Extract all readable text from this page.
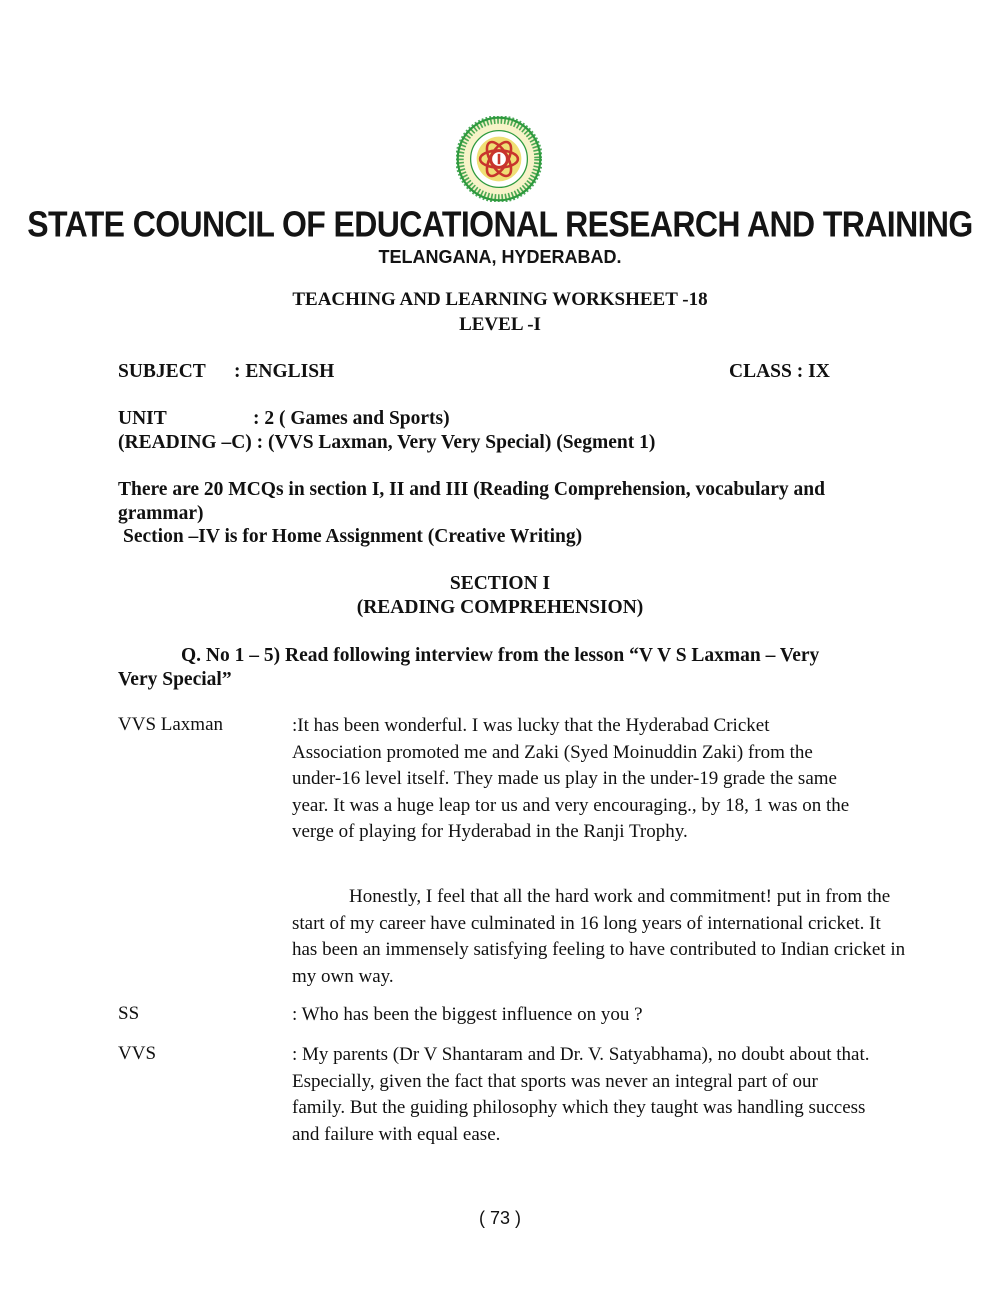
STATE COUNCIL OF EDUCATIONAL RESEARCH AND TRAINING
TELANGANA, HYDERABAD.
TEACHING AND LEARNING WORKSHEET -18
LEVEL -I
SUBJECT : ENGLISH	CLASS : IX
UNIT	: 2 ( Games and Sports)
(READING –C) : (VVS Laxman, Very Very Special) (Segment 1)
There are 20 MCQs in section I, II and III (Reading Comprehension, vocabulary and
grammar)
Section –IV is for Home Assignment (Creative Writing)
SECTION I
(READING COMPREHENSION)
Q. No 1 – 5) Read following interview from the lesson “V V S Laxman – Very
Very Special”
VVS Laxman	:It has been wonderful. I was lucky that the Hyderabad Cricket Association promoted me and Zaki (Syed Moinuddin Zaki) from the under-16 level itself. They made us play in the under-19 grade the same year. It was a huge leap tor us and very encouraging., by 18, 1 was on the verge of playing for Hyderabad in the Ranji Trophy.
Honestly, I feel that all the hard work and commitment! put in from the start of my career have culminated in 16 long years of international cricket. It has been an immensely satisfying feeling to have contributed to Indian cricket in my own way.
SS	: Who has been the biggest influence on you ?
VVS	: My parents (Dr V Shantaram and Dr. V. Satyabhama), no doubt about that. Especially, given the fact that sports was never an integral part of our family. But the guiding philosophy which they taught was handling success and failure with equal ease.
( 73 )
